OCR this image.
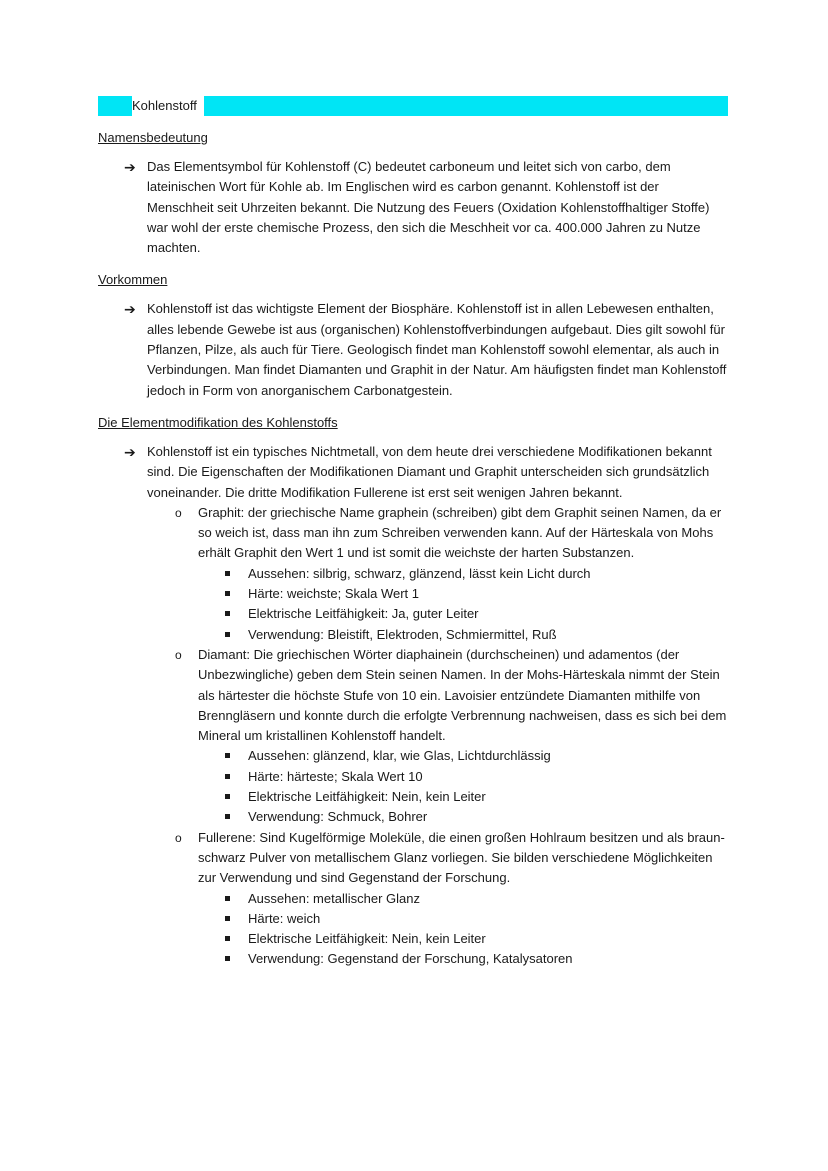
Kohlenstoff
Namensbedeutung
➔ Das Elementsymbol für Kohlenstoff (C) bedeutet carboneum und leitet sich von carbo, dem lateinischen Wort für Kohle ab. Im Englischen wird es carbon genannt. Kohlenstoff ist der Menschheit seit Uhrzeiten bekannt. Die Nutzung des Feuers (Oxidation Kohlenstoffhaltiger Stoffe) war wohl der erste chemische Prozess, den sich die Meschheit vor ca. 400.000 Jahren zu Nutze machten.
Vorkommen
➔ Kohlenstoff ist das wichtigste Element der Biosphäre. Kohlenstoff ist in allen Lebewesen enthalten, alles lebende Gewebe ist aus (organischen) Kohlenstoffverbindungen aufgebaut. Dies gilt sowohl für Pflanzen, Pilze, als auch für Tiere. Geologisch findet man Kohlenstoff sowohl elementar, als auch in Verbindungen. Man findet Diamanten und Graphit in der Natur. Am häufigsten findet man Kohlenstoff jedoch in Form von anorganischem Carbonatgestein.
Die Elementmodifikation des Kohlenstoffs
➔ Kohlenstoff ist ein typisches Nichtmetall, von dem heute drei verschiedene Modifikationen bekannt sind. Die Eigenschaften der Modifikationen Diamant und Graphit unterscheiden sich grundsätzlich voneinander. Die dritte Modifikation Fullerene ist erst seit wenigen Jahren bekannt.
o Graphit: der griechische Name graphein (schreiben) gibt dem Graphit seinen Namen, da er so weich ist, dass man ihn zum Schreiben verwenden kann. Auf der Härteskala von Mohs erhält Graphit den Wert 1 und ist somit die weichste der harten Substanzen.
Aussehen: silbrig, schwarz, glänzend, lässt kein Licht durch
Härte: weichste; Skala Wert 1
Elektrische Leitfähigkeit: Ja, guter Leiter
Verwendung: Bleistift, Elektroden, Schmiermittel, Ruß
o Diamant: Die griechischen Wörter diaphainein (durchscheinen) und adamentos (der Unbezwingliche) geben dem Stein seinen Namen. In der Mohs-Härteskala nimmt der Stein als härtester die höchste Stufe von 10 ein. Lavoisier entzündete Diamanten mithilfe von Brenngläsern und konnte durch die erfolgte Verbrennung nachweisen, dass es sich bei dem Mineral um kristallinen Kohlenstoff handelt.
Aussehen: glänzend, klar, wie Glas, Lichtdurchlässig
Härte: härteste; Skala Wert 10
Elektrische Leitfähigkeit: Nein, kein Leiter
Verwendung: Schmuck, Bohrer
o Fullerene: Sind Kugelförmige Moleküle, die einen großen Hohlraum besitzen und als braun-schwarz Pulver von metallischem Glanz vorliegen. Sie bilden verschiedene Möglichkeiten zur Verwendung und sind Gegenstand der Forschung.
Aussehen: metallischer Glanz
Härte: weich
Elektrische Leitfähigkeit: Nein, kein Leiter
Verwendung: Gegenstand der Forschung, Katalysatoren
